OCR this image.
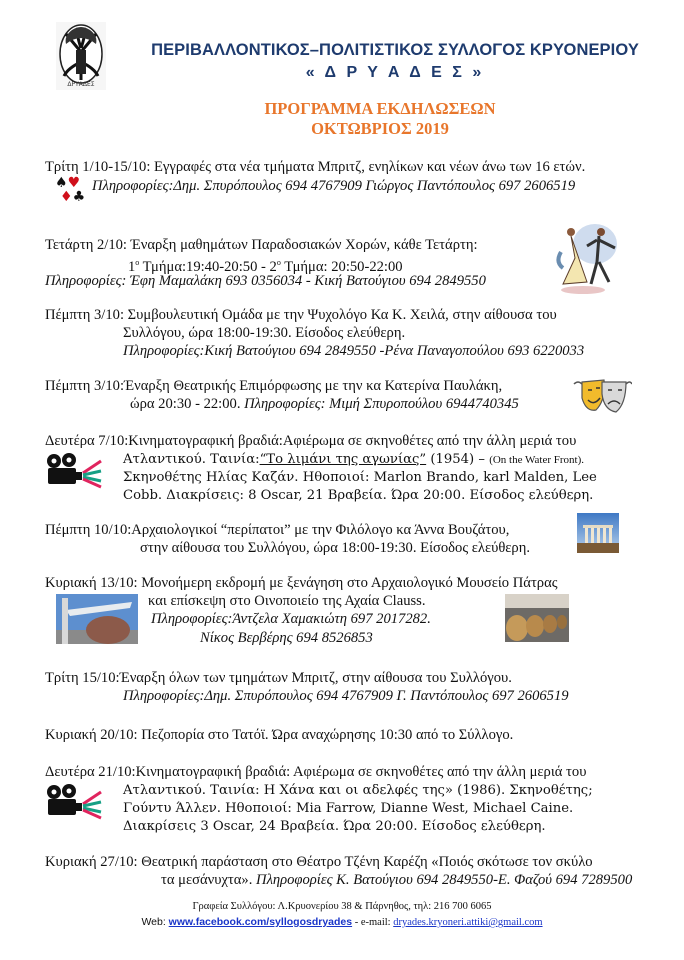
ΔΡΥΑΔΕΣ
ΠΕΡΙΒΑΛΛΟΝΤΙΚΟΣ–ΠΟΛΙΤΙΣΤΙΚΟΣ ΣΥΛΛΟΓΟΣ ΚΡΥΟΝΕΡΙΟΥ
« Δ Ρ Υ Α Δ Ε Σ »
ΠΡΟΓΡΑΜΜΑ ΕΚΔΗΛΩΣΕΩΝ
ΟΚΤΩΒΡΙΟΣ 2019
Τρίτη 1/10-15/10: Εγγραφές στα νέα τμήματα Μπριτζ, ενηλίκων και νέων άνω των 16 ετών.
♠♥
♦♣
Πληροφορίες:Δημ. Σπυρόπουλος 694 4767909 Γιώργος Παντόπουλος 697 2606519
Τετάρτη 2/10: Έναρξη μαθημάτων Παραδοσιακών Χορών, κάθε Τετάρτη:
$1^o$ Τμήμα:19:40-20:50 - $2^o$ Τμήμα: 20:50-22:00
Πληροφορίες: Έφη Μαμαλάκη 693 0356034 - Κική Βατούγιου 694 2849550
Πέμπτη 3/10: Συμβουλευτική Ομάδα με την Ψυχολόγο Κα Κ. Χειλά, στην αίθουσα του
Συλλόγου, ώρα 18:00-19:30. Είσοδος ελεύθερη.
Πληροφορίες:Κική Βατούγιου 694 2849550 -Ρένα Παναγοπούλου 693 6220033
Πέμπτη 3/10:Έναρξη Θεατρικής Επιμόρφωσης με την κα Κατερίνα Παυλάκη,
ώρα 20:30 - 22:00. Πληροφορίες: Μιμή Σπυροπούλου 6944740345
Δευτέρα 7/10:Κινηματογραφική βραδιά:Αφιέρωμα σε σκηνοθέτες από την άλλη μεριά του
Ατλαντικού. Ταινία:“Το λιμάνι της αγωνίας” (1954) – (On the Water Front).
Σκηνοθέτης Ηλίας Καζάν. Ηθοποιοί: Marlon Brando, karl Malden, Lee
Cobb. Διακρίσεις: 8 Oscar, 21 Βραβεία. Ώρα 20:00. Είσοδος ελεύθερη.
Πέμπτη 10/10:Αρχαιολογικοί “περίπατοι” με την Φιλόλογο κα Άννα Βουζάτου,
στην αίθουσα του Συλλόγου, ώρα 18:00-19:30. Είσοδος ελεύθερη.
Κυριακή 13/10: Μονοήμερη εκδρομή με ξενάγηση στο Αρχαιολογικό Μουσείο Πάτρας
και επίσκεψη στο Οινοποιείο της Αχαία Clauss.
Πληροφορίες:Άντζελα Χαμακιώτη 697 2017282.
Νίκος Βερβέρης 694 8526853
Τρίτη 15/10:Έναρξη όλων των τμημάτων Μπριτζ, στην αίθουσα του Συλλόγου.
Πληροφορίες:Δημ. Σπυρόπουλος 694 4767909 Γ. Παντόπουλος 697 2606519
Κυριακή 20/10: Πεζοπορία στο Τατόϊ. Ώρα αναχώρησης 10:30 από το Σύλλογο.
Δευτέρα 21/10:Κινηματογραφική βραδιά: Αφιέρωμα σε σκηνοθέτες από την άλλη μεριά του
Ατλαντικού. Ταινία: Η Χάνα και οι αδελφές της» (1986). Σκηνοθέτης;
Γούντυ Άλλεν. Ηθοποιοί: Mia Farrow, Dianne West, Michael Caine.
Διακρίσεις 3 Oscar, 24 Βραβεία. Ώρα 20:00. Είσοδος ελεύθερη.
Κυριακή 27/10: Θεατρική παράσταση στο Θέατρο Τζένη Καρέζη «Ποιός σκότωσε τον σκύλο
τα μεσάνυχτα». Πληροφορίες Κ. Βατούγιου 694 2849550-Ε. Φαζού 694 7289500
Γραφεία Συλλόγου: Λ.Κρυονερίου 38 & Πάρνηθος, τηλ: 216 700 6065
Web: www.facebook.com/syllogosdryades - e-mail: dryades.kryoneri.attiki@gmail.com
